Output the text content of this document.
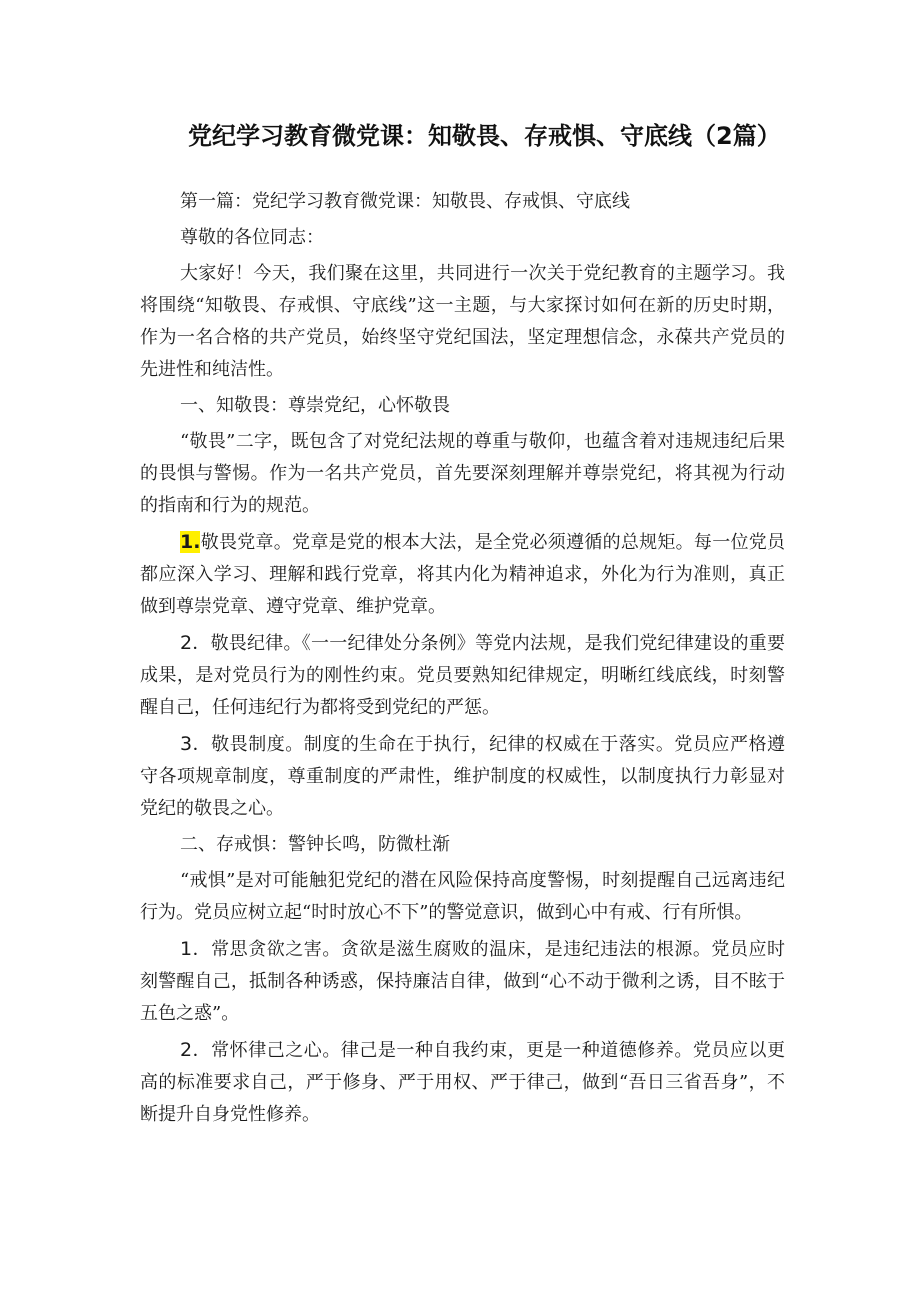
党纪学习教育微党课：知敬畏、存戒惧、守底线（2篇）

第一篇：党纪学习教育微党课：知敬畏、存戒惧、守底线

尊敬的各位同志：

大家好！今天，我们聚在这里，共同进行一次关于党纪教育的主题学习。我将围绕“知敬畏、存戒惧、守底线”这一主题，与大家探讨如何在新的历史时期，作为一名合格的共产党员，始终坚守党纪国法，坚定理想信念，永葆共产党员的先进性和纯洁性。

一、知敬畏：尊崇党纪，心怀敬畏

“敬畏”二字，既包含了对党纪法规的尊重与敬仰，也蕴含着对违规违纪后果的畏惧与警惕。作为一名共产党员，首先要深刻理解并尊崇党纪，将其视为行动的指南和行为的规范。

1.敬畏党章。党章是党的根本大法，是全党必须遵循的总规矩。每一位党员都应深入学习、理解和践行党章，将其内化为精神追求，外化为行为准则，真正做到尊崇党章、遵守党章、维护党章。

2．敬畏纪律。《一一纪律处分条例》等党内法规，是我们党纪律建设的重要成果，是对党员行为的刚性约束。党员要熟知纪律规定，明晰红线底线，时刻警醒自己，任何违纪行为都将受到党纪的严惩。

3．敬畏制度。制度的生命在于执行，纪律的权威在于落实。党员应严格遵守各项规章制度，尊重制度的严肃性，维护制度的权威性，以制度执行力彰显对党纪的敬畏之心。

二、存戒惧：警钟长鸣，防微杜渐

“戒惧”是对可能触犯党纪的潜在风险保持高度警惕，时刻提醒自己远离违纪行为。党员应树立起“时时放心不下”的警觉意识，做到心中有戒、行有所惧。

1．常思贪欲之害。贪欲是滋生腐败的温床，是违纪违法的根源。党员应时刻警醒自己，抵制各种诱惑，保持廉洁自律，做到“心不动于微利之诱，目不眩于五色之惑”。

2．常怀律己之心。律己是一种自我约束，更是一种道德修养。党员应以更高的标准要求自己，严于修身、严于用权、严于律己，做到“吾日三省吾身”，不断提升自身党性修养。
